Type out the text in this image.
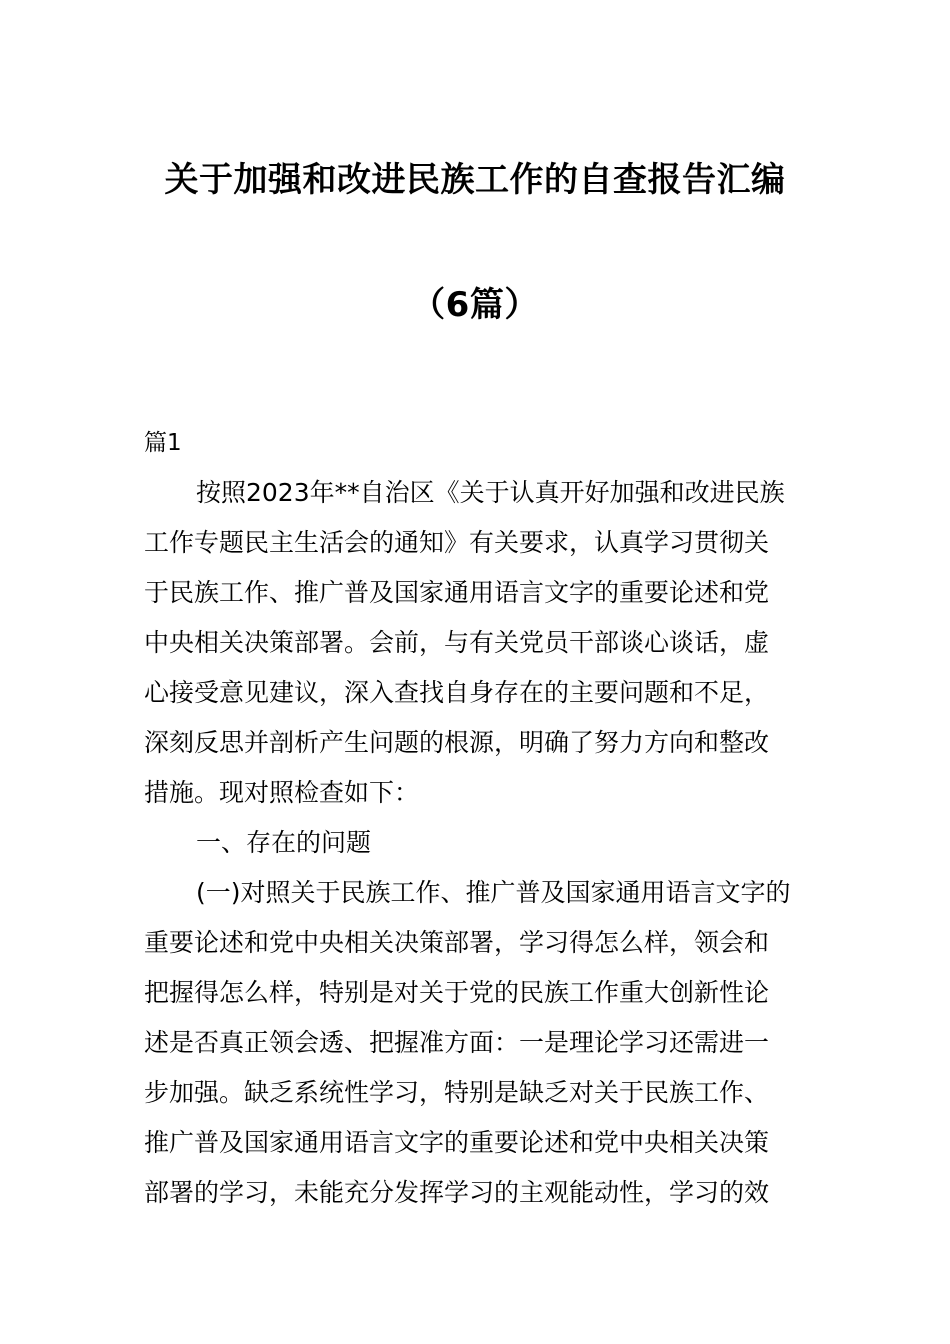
关于加强和改进民族工作的自查报告汇编
（6篇）
篇1
按照2023年**自治区《关于认真开好加强和改进民族
工作专题民主生活会的通知》有关要求，认真学习贯彻关
于民族工作、推广普及国家通用语言文字的重要论述和党
中央相关决策部署。会前，与有关党员干部谈心谈话，虚
心接受意见建议，深入查找自身存在的主要问题和不足，
深刻反思并剖析产生问题的根源，明确了努力方向和整改
措施。现对照检查如下：
一、存在的问题
(一)对照关于民族工作、推广普及国家通用语言文字的
重要论述和党中央相关决策部署，学习得怎么样，领会和
把握得怎么样，特别是对关于党的民族工作重大创新性论
述是否真正领会透、把握准方面：一是理论学习还需进一
步加强。缺乏系统性学习，特别是缺乏对关于民族工作、
推广普及国家通用语言文字的重要论述和党中央相关决策
部署的学习，未能充分发挥学习的主观能动性，学习的效
